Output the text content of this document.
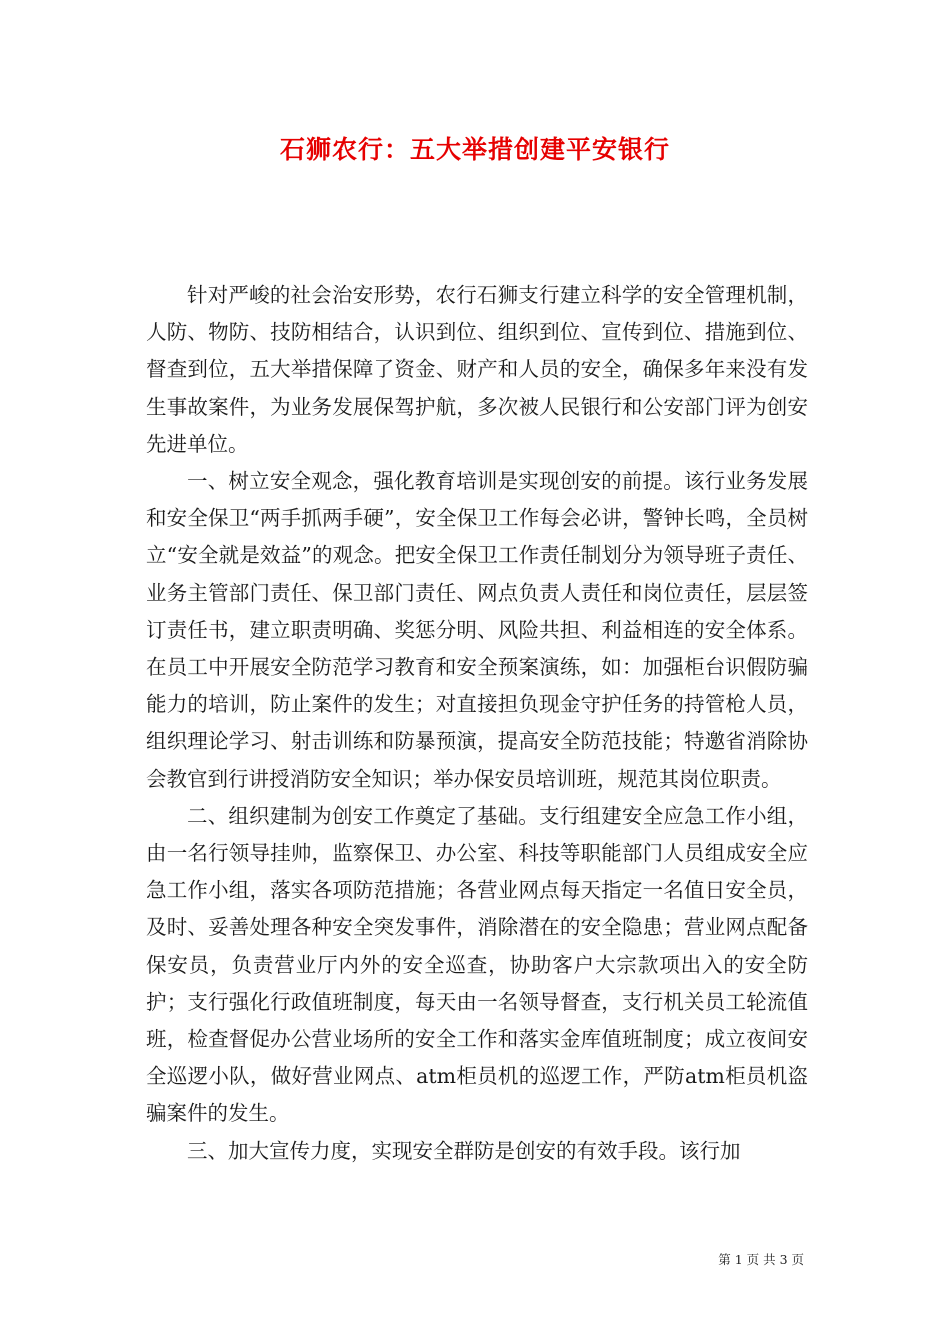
石狮农行：五大举措创建平安银行

针对严峻的社会治安形势，农行石狮支行建立科学的安全管理机制，人防、物防、技防相结合，认识到位、组织到位、宣传到位、措施到位、督查到位，五大举措保障了资金、财产和人员的安全，确保多年来没有发生事故案件，为业务发展保驾护航，多次被人民银行和公安部门评为创安先进单位。

一、树立安全观念，强化教育培训是实现创安的前提。该行业务发展和安全保卫“两手抓两手硬”，安全保卫工作每会必讲，警钟长鸣，全员树立“安全就是效益”的观念。把安全保卫工作责任制划分为领导班子责任、业务主管部门责任、保卫部门责任、网点负责人责任和岗位责任，层层签订责任书，建立职责明确、奖惩分明、风险共担、利益相连的安全体系。在员工中开展安全防范学习教育和安全预案演练，如：加强柜台识假防骗能力的培训，防止案件的发生；对直接担负现金守护任务的持管枪人员，组织理论学习、射击训练和防暴预演，提高安全防范技能；特邀省消除协会教官到行讲授消防安全知识；举办保安员培训班，规范其岗位职责。

二、组织建制为创安工作奠定了基础。支行组建安全应急工作小组，由一名行领导挂帅，监察保卫、办公室、科技等职能部门人员组成安全应急工作小组，落实各项防范措施；各营业网点每天指定一名值日安全员，及时、妥善处理各种安全突发事件，消除潜在的安全隐患；营业网点配备保安员，负责营业厅内外的安全巡查，协助客户大宗款项出入的安全防护；支行强化行政值班制度，每天由一名领导督查，支行机关员工轮流值班，检查督促办公营业场所的安全工作和落实金库值班制度；成立夜间安全巡逻小队，做好营业网点、atm柜员机的巡逻工作，严防atm柜员机盗骗案件的发生。

三、加大宣传力度，实现安全群防是创安的有效手段。该行加

第 1 页 共 3 页
